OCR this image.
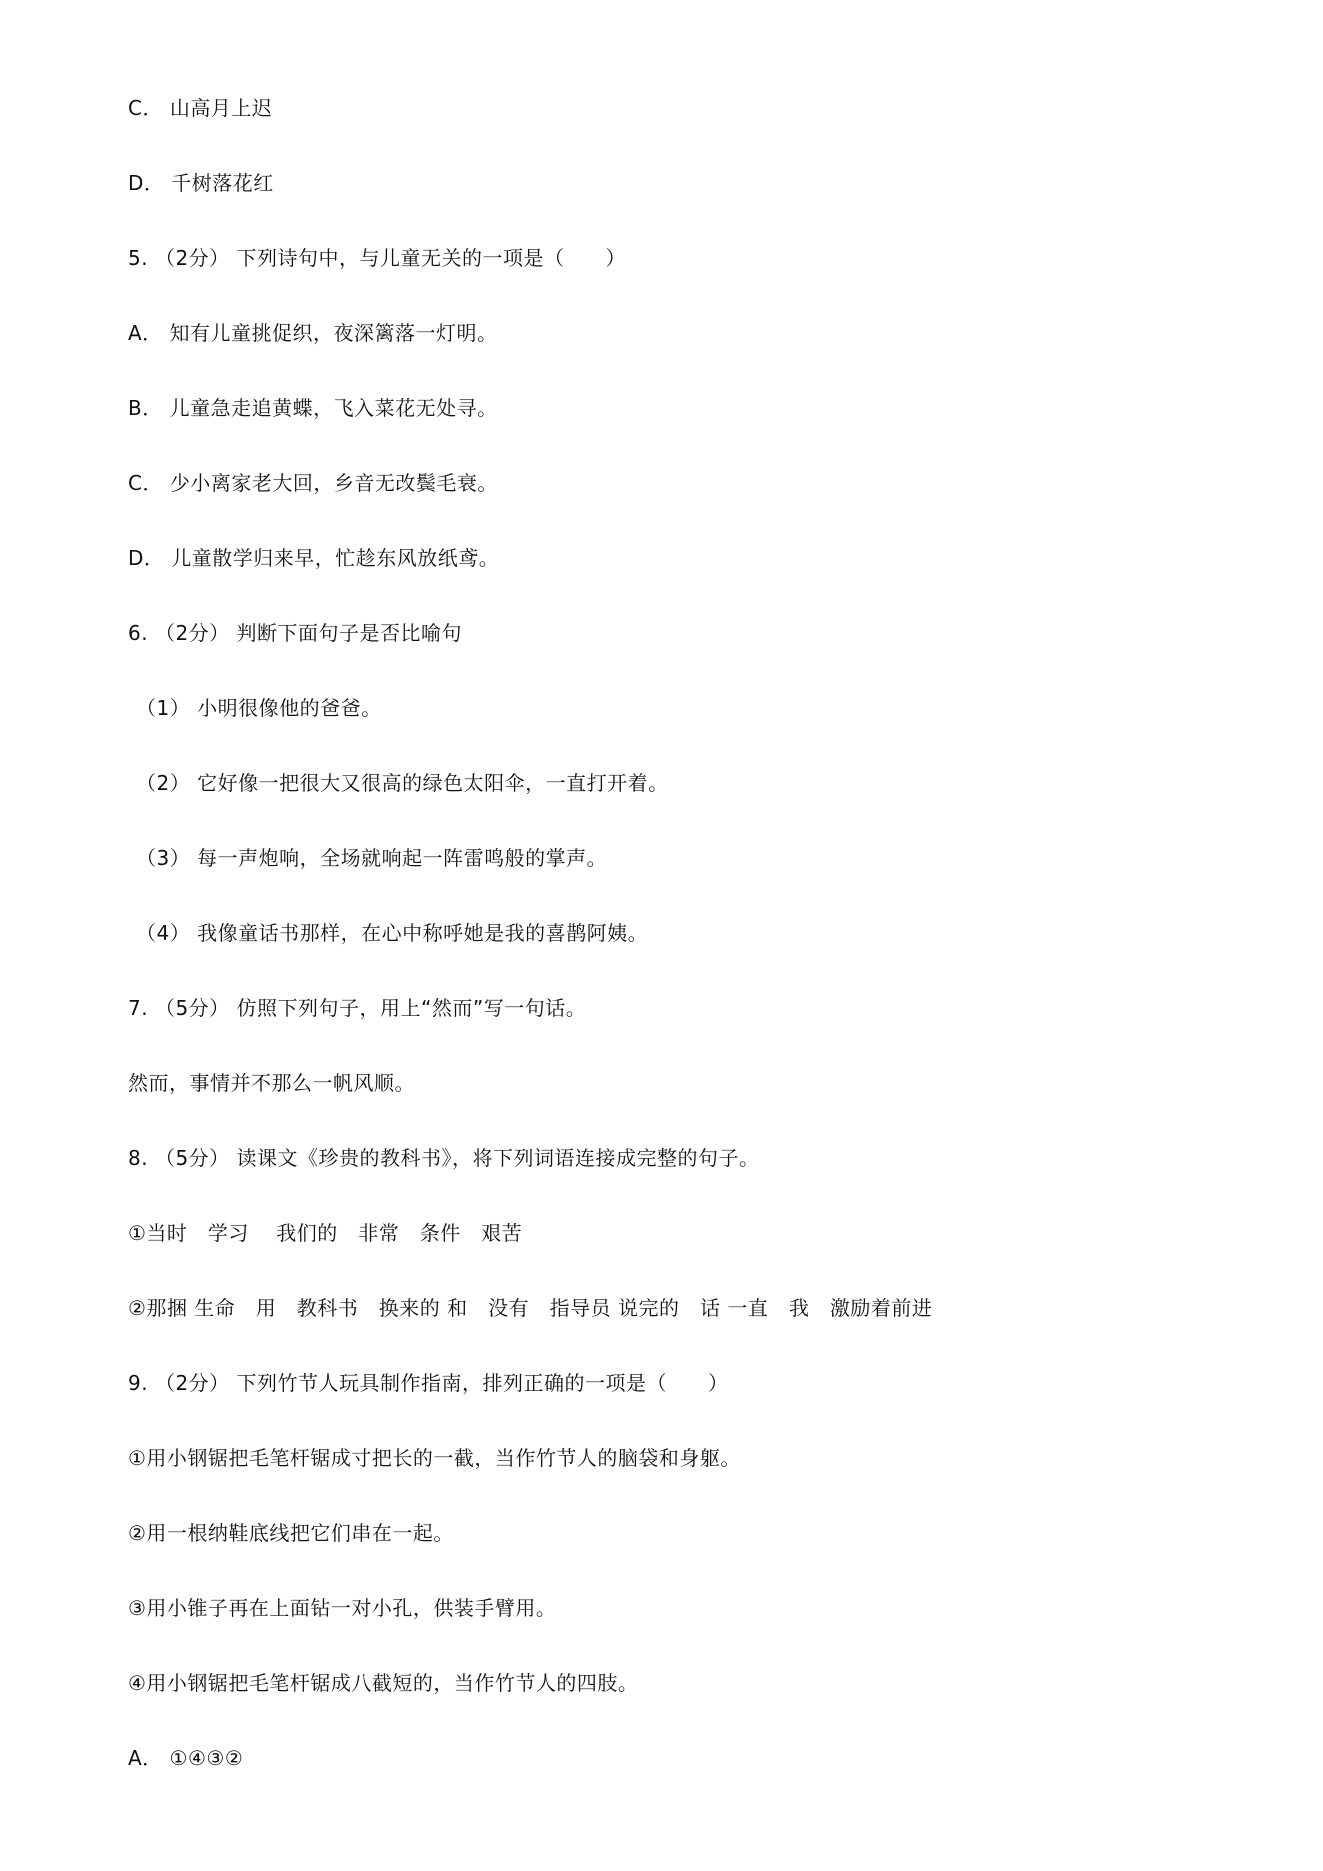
C． 山高月上迟
D． 千树落花红
5. （2分） 下列诗句中，与儿童无关的一项是（　　）
A． 知有儿童挑促织，夜深篱落一灯明。
B． 儿童急走追黄蝶，飞入菜花无处寻。
C． 少小离家老大回，乡音无改鬓毛衰。
D． 儿童散学归来早，忙趁东风放纸鸢。
6. （2分） 判断下面句子是否比喻句
（1） 小明很像他的爸爸。
（2） 它好像一把很大又很高的绿色太阳伞，一直打开着。
（3） 每一声炮响，全场就响起一阵雷鸣般的掌声。
（4） 我像童话书那样，在心中称呼她是我的喜鹊阿姨。
7. （5分） 仿照下列句子，用上“然而”写一句话。
然而，事情并不那么一帆风顺。
8. （5分） 读课文《珍贵的教科书》，将下列词语连接成完整的句子。
①当时　学习　 我们的　非常　条件　艰苦
②那捆 生命　用　教科书　换来的 和　没有　指导员 说完的　话 一直　我　激励着前进
9. （2分） 下列竹节人玩具制作指南，排列正确的一项是（　　）
①用小钢锯把毛笔杆锯成寸把长的一截，当作竹节人的脑袋和身躯。
②用一根纳鞋底线把它们串在一起。
③用小锥子再在上面钻一对小孔，供装手臂用。
④用小钢锯把毛笔杆锯成八截短的，当作竹节人的四肢。
A． ①④③②
